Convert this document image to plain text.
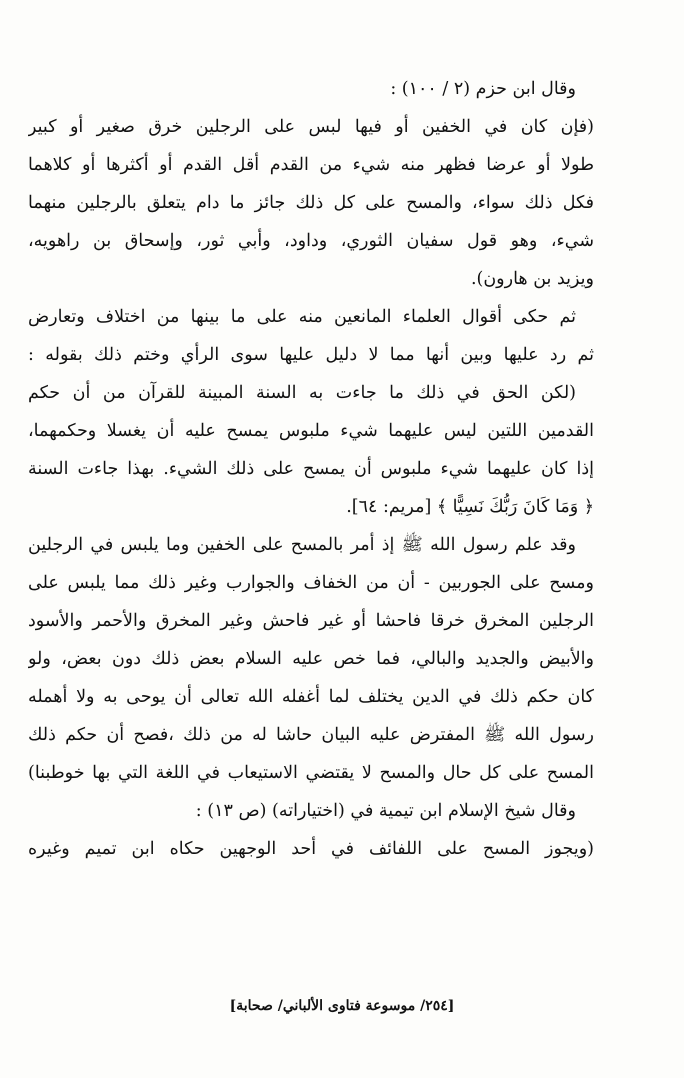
وقال ابن حزم (٢ / ١٠٠) :
(فإن كان في الخفين أو فيها لبس على الرجلين خرق صغير أو كبير
طولا أو عرضا فظهر منه شيء من القدم أقل القدم أو أكثرها أو كلاهما
فكل ذلك سواء، والمسح على كل ذلك جائز ما دام يتعلق بالرجلين منهما
شيء، وهو قول سفيان الثوري، وداود، وأبي ثور، وإسحاق بن راهويه،
ويزيد بن هارون).
ثم حكى أقوال العلماء المانعين منه على ما بينها من اختلاف وتعارض
ثم رد عليها وبين أنها مما لا دليل عليها سوى الرأي وختم ذلك بقوله :
(لكن الحق في ذلك ما جاءت به السنة المبينة للقرآن من أن حكم
القدمين اللتين ليس عليهما شيء ملبوس يمسح عليه أن يغسلا وحكمهما،
إذا كان عليهما شيء ملبوس أن يمسح على ذلك الشيء. بهذا جاءت السنة
﴿ وَمَا كَانَ رَبُّكَ نَسِيًّا ﴾ [مريم: ٦٤].
وقد علم رسول الله ﷺ إذ أمر بالمسح على الخفين وما يلبس في الرجلين
ومسح على الجوربين - أن من الخفاف والجوارب وغير ذلك مما يلبس على
الرجلين المخرق خرقا فاحشا أو غير فاحش وغير المخرق والأحمر والأسود
والأبيض والجديد والبالي، فما خص عليه السلام بعض ذلك دون بعض، ولو
كان حكم ذلك في الدين يختلف لما أغفله الله تعالى أن يوحى به ولا أهمله
رسول الله ﷺ المفترض عليه البيان حاشا له من ذلك ،فصح أن حكم ذلك
المسح على كل حال والمسح لا يقتضي الاستيعاب في اللغة التي بها خوطبنا)
وقال شيخ الإسلام ابن تيمية في (اختياراته) (ص ١٣) :
(ويجوز المسح على اللفائف في أحد الوجهين حكاه ابن تميم وغيره
[٢٥٤/ موسوعة فتاوى الألباني/ صحابة]
